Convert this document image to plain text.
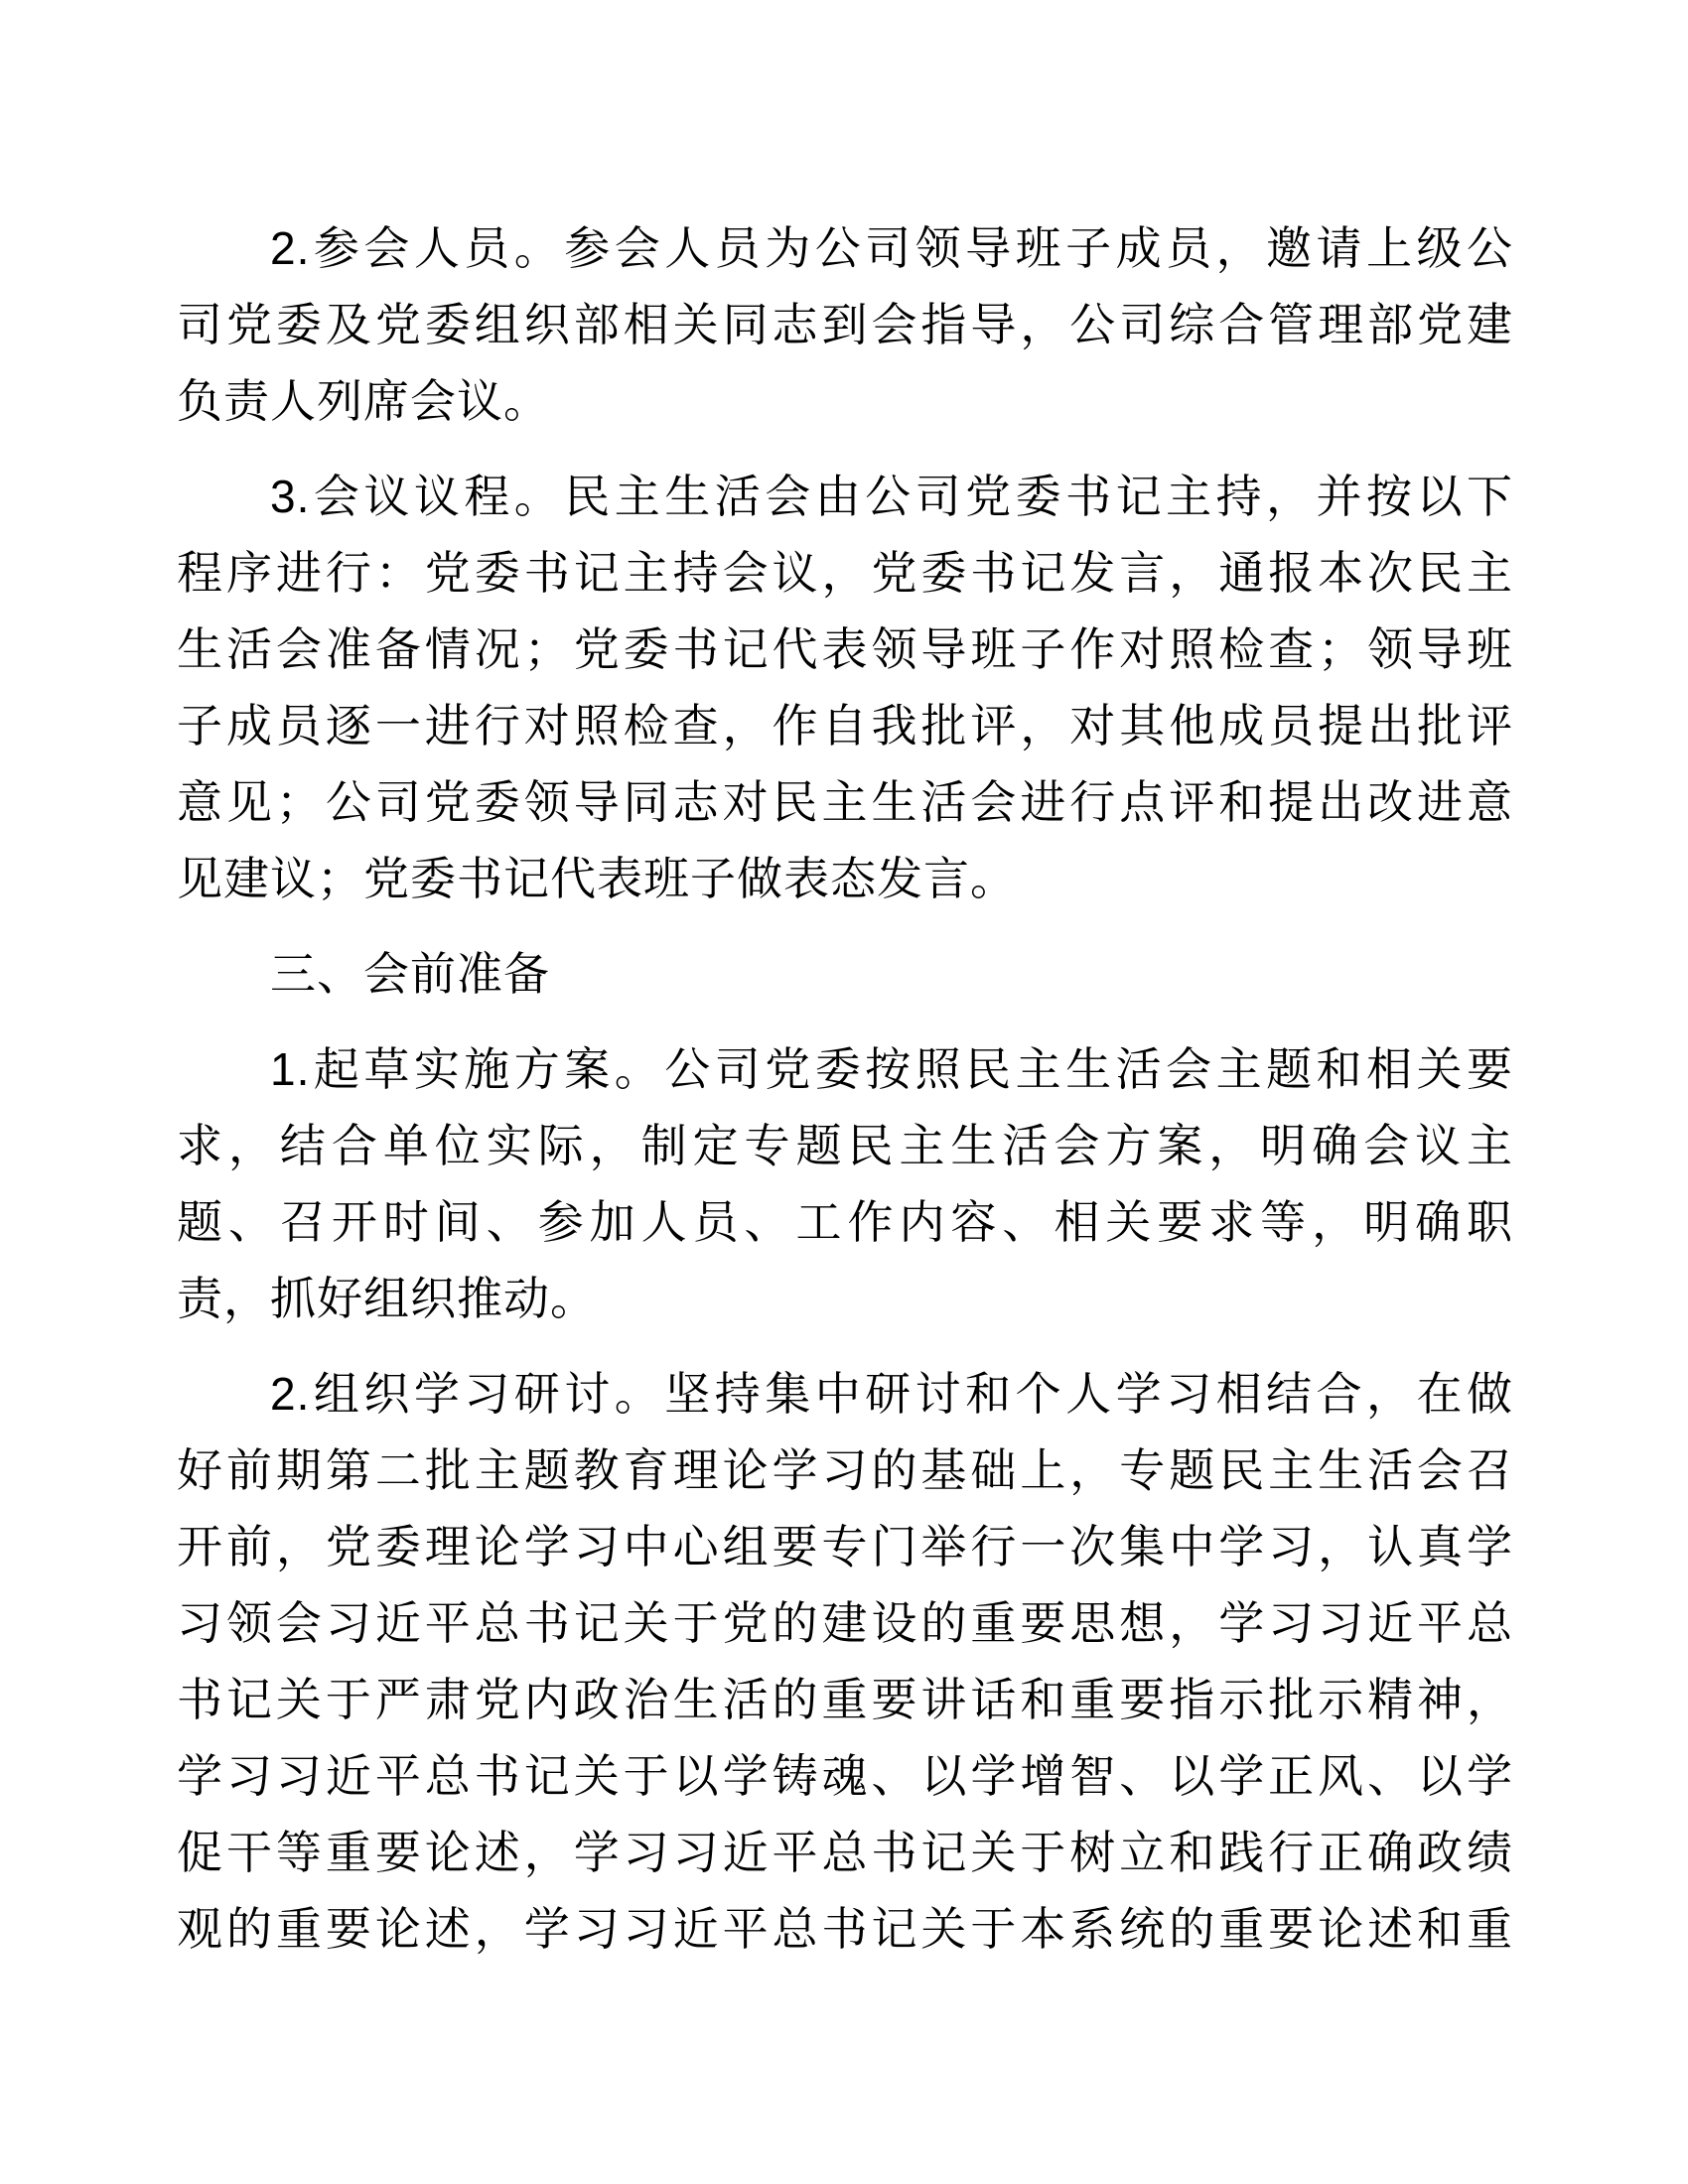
2.参会人员。参会人员为公司领导班子成员，邀请上级公
司党委及党委组织部相关同志到会指导，公司综合管理部党建
负责人列席会议。
3.会议议程。民主生活会由公司党委书记主持，并按以下
程序进行：党委书记主持会议，党委书记发言，通报本次民主
生活会准备情况；党委书记代表领导班子作对照检查；领导班
子成员逐一进行对照检查，作自我批评，对其他成员提出批评
意见；公司党委领导同志对民主生活会进行点评和提出改进意
见建议；党委书记代表班子做表态发言。
三、会前准备
1.起草实施方案。公司党委按照民主生活会主题和相关要
求，结合单位实际，制定专题民主生活会方案，明确会议主
题、召开时间、参加人员、工作内容、相关要求等，明确职
责，抓好组织推动。
2.组织学习研讨。坚持集中研讨和个人学习相结合，在做
好前期第二批主题教育理论学习的基础上，专题民主生活会召
开前，党委理论学习中心组要专门举行一次集中学习，认真学
习领会习近平总书记关于党的建设的重要思想，学习习近平总
书记关于严肃党内政治生活的重要讲话和重要指示批示精神，
学习习近平总书记关于以学铸魂、以学增智、以学正风、以学
促干等重要论述，学习习近平总书记关于树立和践行正确政绩
观的重要论述，学习习近平总书记关于本系统的重要论述和重
